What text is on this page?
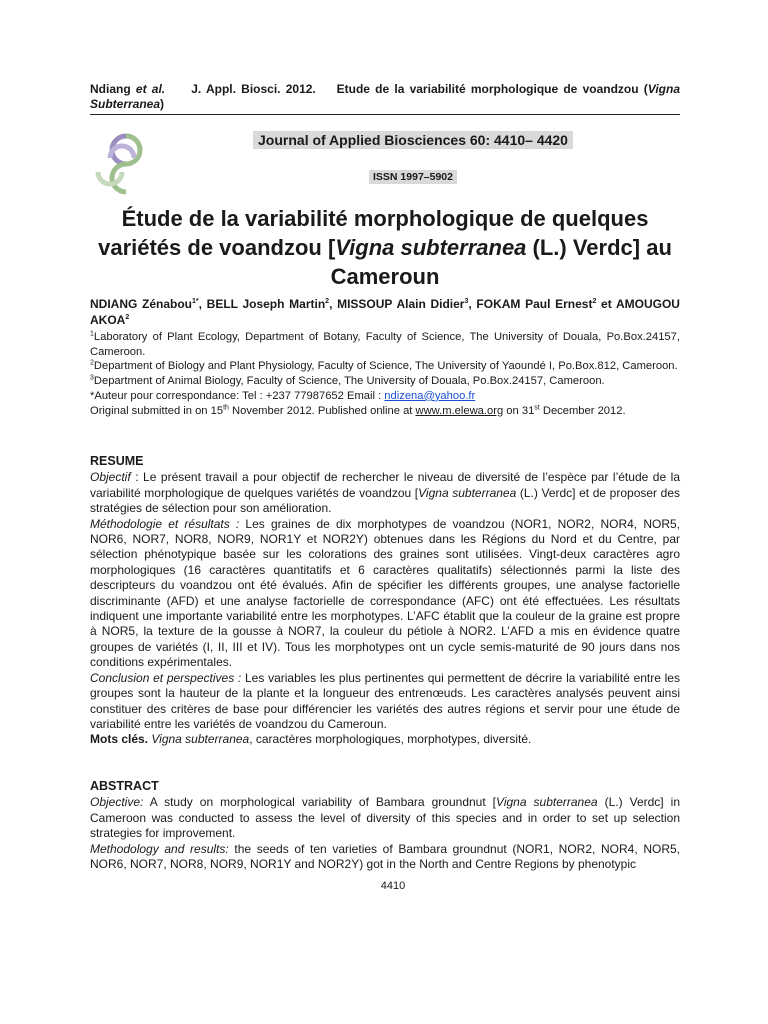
Ndiang et al. J. Appl. Biosci. 2012. Etude de la variabilité morphologique de voandzou (Vigna Subterranea)
Journal of Applied Biosciences 60: 4410– 4420
ISSN 1997–5902
Étude de la variabilité morphologique de quelques variétés de voandzou [Vigna subterranea (L.) Verdc] au Cameroun
NDIANG Zénabou$^{1*}$, BELL Joseph Martin$^2$, MISSOUP Alain Didier$^3$, FOKAM Paul Ernest$^2$ et AMOUGOU AKOA$^2$
$^1$Laboratory of Plant Ecology, Department of Botany, Faculty of Science, The University of Douala, Po.Box.24157, Cameroon.
$^2$Department of Biology and Plant Physiology, Faculty of Science, The University of Yaoundé I, Po.Box.812, Cameroon.
$^3$Department of Animal Biology, Faculty of Science, The University of Douala, Po.Box.24157, Cameroon.
*Auteur pour correspondance: Tel : +237 77987652 Email : ndizena@yahoo.fr
Original submitted in on 15th November 2012. Published online at www.m.elewa.org on 31st December 2012.
RESUME

Objectif : Le présent travail a pour objectif de rechercher le niveau de diversité de l’espèce par l’étude de la variabilité morphologique de quelques variétés de voandzou [Vigna subterranea (L.) Verdc] et de proposer des stratégies de sélection pour son amélioration.

Méthodologie et résultats : Les graines de dix morphotypes de voandzou (NOR1, NOR2, NOR4, NOR5, NOR6, NOR7, NOR8, NOR9, NOR1Y et NOR2Y) obtenues dans les Régions du Nord et du Centre, par sélection phénotypique basée sur les colorations des graines sont utilisées. Vingt-deux caractères agro morphologiques (16 caractères quantitatifs et 6 caractères qualitatifs) sélectionnés parmi la liste des descripteurs du voandzou ont été évalués. Afin de spécifier les différents groupes, une analyse factorielle discriminante (AFD) et une analyse factorielle de correspondance (AFC) ont été effectuées. Les résultats indiquent une importante variabilité entre les morphotypes. L’AFC établit que la couleur de la graine est propre à NOR5, la texture de la gousse à NOR7, la couleur du pétiole à NOR2. L’AFD a mis en évidence quatre groupes de variétés (I, II, III et IV). Tous les morphotypes ont un cycle semis-maturité de 90 jours dans nos conditions expérimentales.

Conclusion et perspectives : Les variables les plus pertinentes qui permettent de décrire la variabilité entre les groupes sont la hauteur de la plante et la longueur des entrenœuds. Les caractères analysés peuvent ainsi constituer des critères de base pour différencier les variétés des autres régions et servir pour une étude de variabilité entre les variétés de voandzou du Cameroun.

Mots clés. Vigna subterranea, caractères morphologiques, morphotypes, diversité.

ABSTRACT

Objective: A study on morphological variability of Bambara groundnut [Vigna subterranea (L.) Verdc] in Cameroon was conducted to assess the level of diversity of this species and in order to set up selection strategies for improvement.

Methodology and results: the seeds of ten varieties of Bambara groundnut (NOR1, NOR2, NOR4, NOR5, NOR6, NOR7, NOR8, NOR9, NOR1Y and NOR2Y) got in the North and Centre Regions by phenotypic

4410
